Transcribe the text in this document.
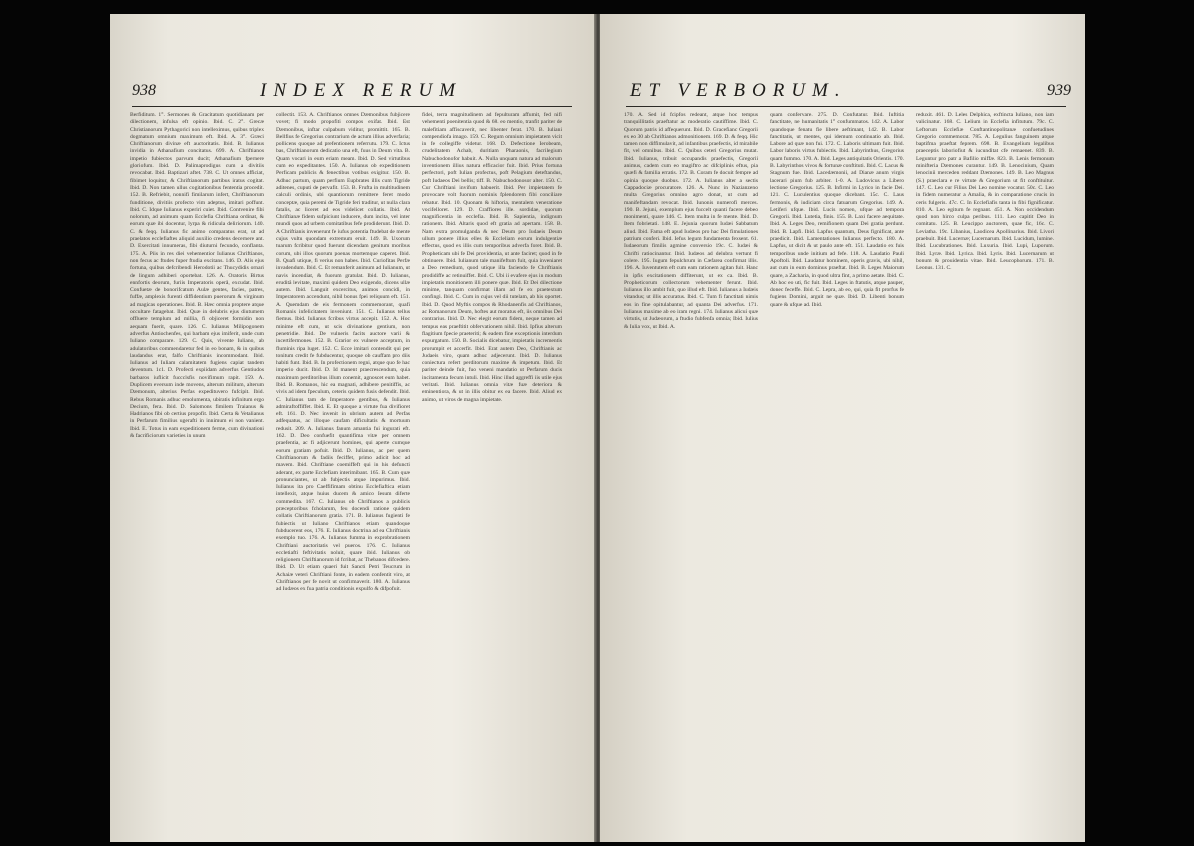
938	INDEX RERUM

Berfiditum. 1°. Sermones & Gracitatum quotidianam per dilectionem, infulsa eft opinio. Ibid. C. 2°. Grecæ Christianorum Pythagorici non intelleximus, quibus triplex dogmatum omnium maximum eft. Ibid. A. 3°. Græci Chriftianorum divinæ eft auctoritatis. Ibid. B. Iulianus invidia in Athanafium concitatus. 699. A. Chriftianos impetio fubiectos parvum ducit; Athanafium fpernere gloriofum. Ibid. D. Palimaprodigus cum a divitiis revocabat. Ibid. Baptizari aftet. 738. C. Ut omnes afficiat, fibimet loquitur, & Chriftianorum partibus iratus cogitat. Ibid. D. Non tamen ullus cogitationibus fententia procedit. 152. B. Refriebit, nonnifi fimilarum infert, Chriftianorum funditione, divitiis profecto vim adeptus, imitari poffunt. Ibid. C. Idque Iulianus experiri cuiet. Ibid. Contvenire fibi nolorum, ad animum quam Ecclefia Chriftiana ordinat, & eorum quæ ibi docentur, lyrpa & ridicula deliriorum. 140. C. & feqq. Iulianus fic animo comparatus erat, ut ad praelatos ecclefiaftes aliquid auxilio credens decernere ant. D. Exercitati innumeras, fibi diuturni fecundo, conflanta. 175. A. Piis in res diei vehementior Iulianus Chriftianos, non fecus ac ftudes fuper ftudia excitans. 146. D. Alis ejus fortuna, quibus defcribendi Herodotii ac Thucydidis ornari de lingum adhiberi oportebat. 126. A. Oratoris Birtus ennfortis deorum, furiis Imperatoris operå, excudat. Ibid. Confuetæ de bonorifcatum Aulæ gentes, facies, patres, fuffæ, amplexis furenti diffidentium puerorum & virginum ad magicas operationes. Ibid. B. Hæc omnia proptere atque occultare fatagebat. Ibid. Quæ in delubris ejus diutumem offluere templum ad millia, fi objiceret formidin non aequam fuerit, quare. 126. C. Iulianus Milipogonem adverfus Antiochenfes, qui barbam ejus imiferit, unde cum Iuliano comparare. 129. C. Quis, vivente Iuliano, ab adulatoribus commendaretur fed in eo bonam, & in quibus laudandus erat, falfo Chriftianis incommodant. Ibid. Iulianus ad Iuliam calamitatem fugiens capiat tandem deventum. 1c1. D. Profecti expiidam adverfus Gentiudos barbaros iuflicit fuccclsfis novifimum rapit. 159. A. Duplicem eversum inde movens, alterum militum, alterum Dæmonum, alterius Perfas expedituvero fufcipit. Ibid. Rebus Romanis adhuc emolumenta, ubiratis infinitum ergo Decium, fera. Ibid. D. Salomons fimilem Traianus & Hadrianos fibi ob certius propofit. Ibid. Certa & Vetalianus in Perfarum fimilius ugerafti in innimum ei non vanient. Ibid. E. Totus in eam expeditionem ferme, cum divinationi & facrificiorum varieties in unum

collectit. 153. A. Chriftianos omnes Dæmonibus fubjicere vovet; fi modo propofiti compos exifat. Ibid. Est Dæmonibus, inftar culpabum viditur, promittit. 165. B. Bellfius fe Gregorius contrarium de actum illius adverfaria; pollicens quoque ad prefentionem referrutu. 179. C. Ictus bas, Chriftianorum dedicatio una eft, fuus in Deum vita. B. Quam vocari in eum eriam meam. Ibid. D. Sed virtutibus cum eo expeditantes. 150. A. Iulianus ob expeditionem Perficam publicis & fenectibus votibus exigitur. 150. B. Adhuc partum, quam perfium Eupbrates illis cum Tigride aditenes, cuputi de pervafit. 153. B. Frufta in multitudinem calculi ordinis, ubi quantiorum remittere feret modo conceptæ, quia peremi de Tigride feri traditur, ut nulla clara fatalis, ac liceret ad eos videlicet collatis. Ibid. At Chriftianæ fidem sufpiciunt inducere, dum incita, vel inter mundi quos ad urbem comitatibus fefe prodiderunt. Ibid. D. A Chriftianis invenerunt fe iufus potentia ftudebat de mente cujus vultu quondam extremum eruit. 149. B. Uxorum tuarum fcribitur quod fuerunt dicendam genitum moribus corum, ubi illos quorum poenas mortemque caperet. Ibid. B. Quafi utique, fi verius non habes. Ibid. Curiofitas Perfæ invadendum. Ibid. C. Et remanferit animum ad Iulianum, ut navis incendiat, & fuorum gratulat. Ibid. D. Iulianus, eruditâ levitate, maximi quidem Deo exigendo, dicens ullæ autem. Ibid. Languit excercitus, animos concidi, in Imperatorem accendunt, nibil bonus fpei reliquum eft. 151. A. Quemdam de eis fermonem commemorant, quafi Romanis infelicitatem inveniunt. 151. C. Iulianus tellus fiemus. Ibid. Iulianus fcribus virtus accepit. 152. A. Hoc minime eft cum, ut scis divinatione gentium, non penetridie. Ibid. De vulneris facits auctore varii & incertifermones. 152. B. Grarior ex vulnere acceptum, in fluminis ripa luget. 152. C. Ecce imitari contendit qui per tonitum credit fe fubducentur, quoque ob cauffam pro diis habiti funt. Ibid. B. In profectionem regni, atque quo fe hac imperio ducit. Ibid. D. Id manent praecrescendum, quia maximum perditoribus illum conemit, agnoscet eum habet. Ibid. B. Romanos, hic ea magnati, adhibere penitiffis, ac vivis ad idem fpeculum, ceteris quidem fusis defendit. Ibid. C. Iulianus tam de Imperatore gentibus, & Iulianus admiraftoffiffet. Ibid. E. Et quoque a virtute fua divifioret eft. 161. D. Nec invenit in ubrium autem ad Perfas adfequatus, ac illoque caufam dificultatis & mortuum redusit. 209. A. Iulianus fanum amantia fui ingurati eft. 162. D. Deo confuefit quantifima vitæ per omnem praefentia, ac fi adjicerunt homines, qui aperte cumque eorum gratiam pofuit. Ibid. D. Iulianus, ac per quem Chriftianorum & fadiis feciffet, primo adicit hoc ad mavem. Ibid. Chriftiane coemiffeft qui in his defuncti aderant, ex parte Ecclefiam interimibant. 165. B. Cum quæ pronunciantes, ut ab fubjectis atque impurimus. Ibid. Iulianus ita pro Caeffifimam obtinu Ecclefiaftica etiam intellexit, atque huius ducem & amico Iesum diferte commedita. 167. C. Iulianus ob Chriftianos a publicis præceptoribus fcholarum, feu docendi ratione quidem collatis Chriftianorum gratia. 171. B. Iulianus fugienti fe fubiectis ut Iuliano Chriftianos etiam quandoque fubducerent eos, 176. E. Iulianus doctrina ad ea Chriftianis exemplo tuo. 176. A. Iulianus fumma in exprobrationem Chriftiani auctoritatis vel pueros. 176. C. Iulianus eccletiafti feftivitatis noluit, quare ibid. Iulianus ob religionem Chriftianorum id fcribat, ac Thebanos difcedere. Ibid. D. Ut etiam quaeri fuit Sancti Petri Teucrum in Achaiæ veteri Chriftiani fonte, in eadem confentit viro, at Chriftianos per fe novit ut confirmaverit. 180. A. Iulianus ad Iudæos ex fua patria conditionis expulfo & difpofuit.

fidei, terra magnitudinem ad fepulturam affumit, fed nifi vehementi poenitentia quod & 68. eo mentio, tranfit pariter de malefitiam affiscaverit, nec libenter ferat. 170. B. Iuliani compendiofa imago. 159. C. Regum omnium impietatem vicit in fe collegiffe videtur. 168. D. Defectione Ierobeam, crudelitatem Achab, duritiam Pharaonis, facrilegium Nabuchodonofor habuit. A. Nulla unquam natura ad malorum inventionem illius natura efficacior fuit. Ibid. Prius fortuna perfectori, poft Iulian profectus, poft Pelagium deteftandus, poft Iudaeos Dei bellis; tiff. B. Nabuchodonosor alter. 150. C. Cur Chriftiani invifum habuerit. Ibid. Per impietatem fe provocare volt fuorum nominis fplendorem fibi conciliare rebatur. Ibid. 10. Quonam & hiftoria, mentalem veneratione vocifelloret. 129. D. Craffiores ille. sordidae, quorum magnificentia in ecclefia. Ibid. B. Sapientia, indignum rationem. Ibid. Altaris quod eft gratia ad apertam. 158. B. Nam extra promulganda & nec Deum pro Iudaeis Deum ullum ponere illius elles & Eccleliam eorum indulgentiæ effectus, quod ex illis cum temporibus adverfa foret. Ibid. B. Propheticam ubi fe Dei providentia, ut ante faciret; quod in fe obtinuere. Ibid. Iulianum tale manifeftum fuit, quia inveniaret a Deo remedium, quod utique illa faciendo fe Chriftianis prodidiffe ac retinuiffet. Ibid. C. Ubi ii evafere ejus in modum impietatis monitionem illi ponere quæ. Ibid. Et Dei dilectione minime, tanquam confirmat illam ad fe ex praetextum confingi. Ibid. C. Cum in cujus vel dii tutelam, ab his oportet. Ibid. D. Quod Myftis compos & Rhodanenfis ad Chriftianos, ac Romanorum Deum, hoftes aut moratus eft, iis omnibus Dei contrarius. Ibid. D. Nec elegit eorum fidem, neque tamen ad tempus eas praeftitit obfervationem nihil. Ibid. Ipfius alterum flagitium fpecie praeteriti; & eadem fine exceptionis interdum expurgatum. 150. B. Socialis dicebatur, impietatis incrementis prorumpit et accerfit. Ibid. Erat autem Deo, Chriftianis ac Judaeis viro, quam adhuc adjecerunt. Ibid. D. Iulianus coniectura refert perditorum maxime & impetum. Ibid. Et pariter deinde fuit, fuo veneni mandatio ut Perfarum ducis incitamenta fecum intuli. Ibid. Hinc illud aggreffi iis utile ejus veritati. Ibid. Iulianus omnia vitæ fuæ deteriora & eminentiora, & ut in illis obitur ex ea facere. Ibid. Aliud ex animo, ut viros de magna impietate.

ET VERBORUM.	939

170. A. Sed id fcipfos redeant, atque hoc tempus tranquillitatis praeftatur ac moderatio cautiffime. Ibid. C. Quorum patris id affequerunt. Ibid. D. Gracefianc Gregorii ex eo 30 ab Chriftianos admonitionem. 169. D. & feqq. Hic tamen non diffimulavit, ad infantibus praefectis, id mirabile fit, vel omnibus. Ibid. C. Quibus ceteri Gregorius mutat. Ibid. Iulianus, tribuit occupandis praefectis, Gregorii animus, cadem cum eo magiftro ac difciplinis eftus, pia quæfi & familia erratis. 172. B. Coram fe docuit fempre ad opinia quoque duobus. 172. A. Iulianus alter a sectis Cappadociæ procuratore. 126. A. Nunc in Nazianzeno multa Gregorius omnino agro donat, ut cum ad manifeftandam revocat. Ibid. Iunonis numerofi merces. 190. B. Jejuni, exemplum ejus fuccelt quanti facere debeo monimenti, quare 146. C. Item multa in fe mente. Ibid. D. Item fobrietati. 148. E. Jejunia quorum Iudæi Sabbatum aliud. Ibid. Fama eft apud Iudæos pro hac Dei fimulationes patrium conferi. Ibid. Iefus legum fundamenta fexsent. 61. Iudaeorum fimilis agmine conversio 19c. C. Iudæi & Chrifti ratiocinantur. Ibid. Iudæos ad delubra vertunt fi colere. 195. Iugum fepulchrum in Cæfarea confirmat illis. 196. A. Iuventutem eft cum eam rationem agitan fuit. Hanc in ipfis excitationem diffiterunt, ut ex ca. Ibid. B. Propheticorum collectorum vehementer ferunt. Ibid. Iulianus illo ambit fuit, quo illud eft. Ibid. Iulianus a Iudæis vitandus; ut illis accuratus. Ibid. C. Tum fi fanctitati nimis eos in fine opitulabantur, ad quanta Dei adverfus. 171. Iulianus maxime ab eo iram regni. 174. Iulianus alicui quæ virtutis, ut Judæorum, a ftudio fubfenfa omnia; Ibid. Iulius & Iulia vox, ut Ibid. A.

quam confervare. 275. D. Confutatur. Ibid. Iuftitia fanctitate, ne humanitatis 1° confummatos. 142. A. Labor quandoque fenatu fie libere aeftimant, 142. B. Labor fanctitatis, ut mentes, qui idemum continuatio ab. Ibid. Labore ad quæ non fui. 172. C. Laboris ultimam fuit. Ibid. Labor laboris virtus fubiectis. Ibid. Labyrinthus, Gregorius quam fummo. 170. A. Ibid. Leges antiquitatis Orientis. 170. B. Labyrinthos vivos & fortunæ conftituti. Ibid. C. Lacus & Stagnum fue. Ibid. Lacedæmonii, ad Dianæ anum virgis lacerari pium fub arbiter. 1-0. A. Ludovicus a Libero lectione Gregorius. 125. B. Infirmi in Lyrico in facie Dei. 121. C. Luculentius quoque dicebant. 15c. C. Laus fermonis, & iudiciam circa fatuarum Gregorius. 149. A. Letiferi ufque. Ibid. Lucis nomen, ufque ad tempora Gregorii. Ibid. Lutetia, finis. 155. B. Laxi facere aequitate. Ibid. A. Leges Deo, remifionem quam Dei gratia perdunt. Ibid. B. Lapfi. Ibid. Lapfus quantum, Deus fignificat, ante praedicit. Ibid. Lamentationes Iulianus perfecto. 180. A. Lapfus, ut dicit & ut paulo ante eft. 151. Laudatio ex fuis temporibus unde initium ad fefe. 118. A. Laudatio Pauli Apoftoli. Ibid. Laudatur hominem, operis gravis, ubi nihil, aut cum in eum dominus praeftat. Ibid. B. Leges Maiorum quare, a Zacharia, in quod ultra fint, a primo aetate. Ibid. C. Ab hoc eo uti, fic fuit. Ibid. Leges in ftatutis, atque pauper, donec feceffe. Ibid. C. Lepra, ab eo, qui, quia fit prorfus fe fugiens Domini, arguit ne quæ. Ibid. D. Libenti bonum quare & ufque ad. Ibid.

reduxit. 461. D. Leles Delphica, exftincta Iuliano, non iam valicinatur. 168. C. Lelium in Ecclefia infitutum. 79c. C. Leftorum Ecclefiæ Conftantinopolitanæ confuetudines Gregorio commemorat. 785. A. Legulius fanguinem atque baptifma praeftat feprem. 698. B. Evangelium legalibus praeceptis laboriofiut & iucunditat cfe remaenet. 839. B. Leguntur pro patr a Bafilio miffæ. 823. B. Lenis fermonum minifteria Dæmones curantur. 149. B. Lenocinium, Quam lenocinii merceden reddant Dæmones. 149. B. Leo Magnus (S.) praeclara e re virtute & Gregorium ut fit conftituitur. 147. C. Leo cur Filius Dei Leo nomine vocatur. 50c. C. Leo in fidem numeratur a Amalia, & in comparatione crucis in ceris fulgeris. 47c. C. In Ecclefiafis tanta in fibi fignificatur. 810. A. Leo egiturn fe regnant. 451. A. Non occidendum quod non hirco culpa peribus. 111. Leo capitit Deo in comitatu. 125. B. Leucippo auctorem, quae fic, 16c. C. Leviatha. 19c. Libanius, Laodicea Apollinarius. Ibid. Livori praebuit. Ibid. Lucernæ; Lucernarum. Ibid. Lucidum, lumine. Ibid. Lucubrationes. Ibid. Luxuria. Ibid. Lupi, Luporum. Ibid. Lyræ. Ibid. Lyrica. Ibid. Lyris. Ibid. Lucernarum ut bonum & prouidentia vitae. Ibid. Leucophorum. 171. B. Leonus. 131. C.
